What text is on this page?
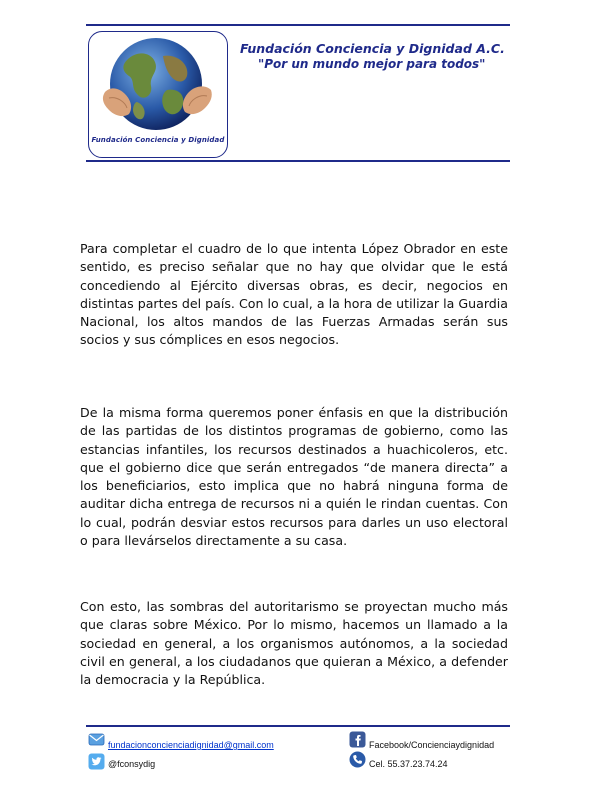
Fundación Conciencia y Dignidad
Fundación Conciencia y Dignidad A.C.
"Por un mundo mejor para todos"
Para completar el cuadro de lo que intenta López Obrador en este sentido, es preciso señalar que no hay que olvidar que le está concediendo al Ejército diversas obras, es decir, negocios en distintas partes del país. Con lo cual, a la hora de utilizar la Guardia Nacional, los altos mandos de las Fuerzas Armadas serán sus socios y sus cómplices en esos negocios.
De la misma forma queremos poner énfasis en que la distribución de las partidas de los distintos programas de gobierno, como las estancias infantiles, los recursos destinados a huachicoleros, etc. que el gobierno dice que serán entregados “de manera directa” a los beneficiarios, esto implica que no habrá ninguna forma de auditar dicha entrega de recursos ni a quién le rindan cuentas. Con lo cual, podrán desviar estos recursos para darles un uso electoral o para llevárselos directamente a su casa.
Con esto, las sombras del autoritarismo se proyectan mucho más que claras sobre México. Por lo mismo, hacemos un llamado a la sociedad en general, a los organismos autónomos, a la sociedad civil en general, a los ciudadanos que quieran a México, a defender la democracia y la República.
fundacionconcienciadignidad@gmail.com	Facebook/Concienciaydignidad
@fconsydig	Cel. 55.37.23.74.24
